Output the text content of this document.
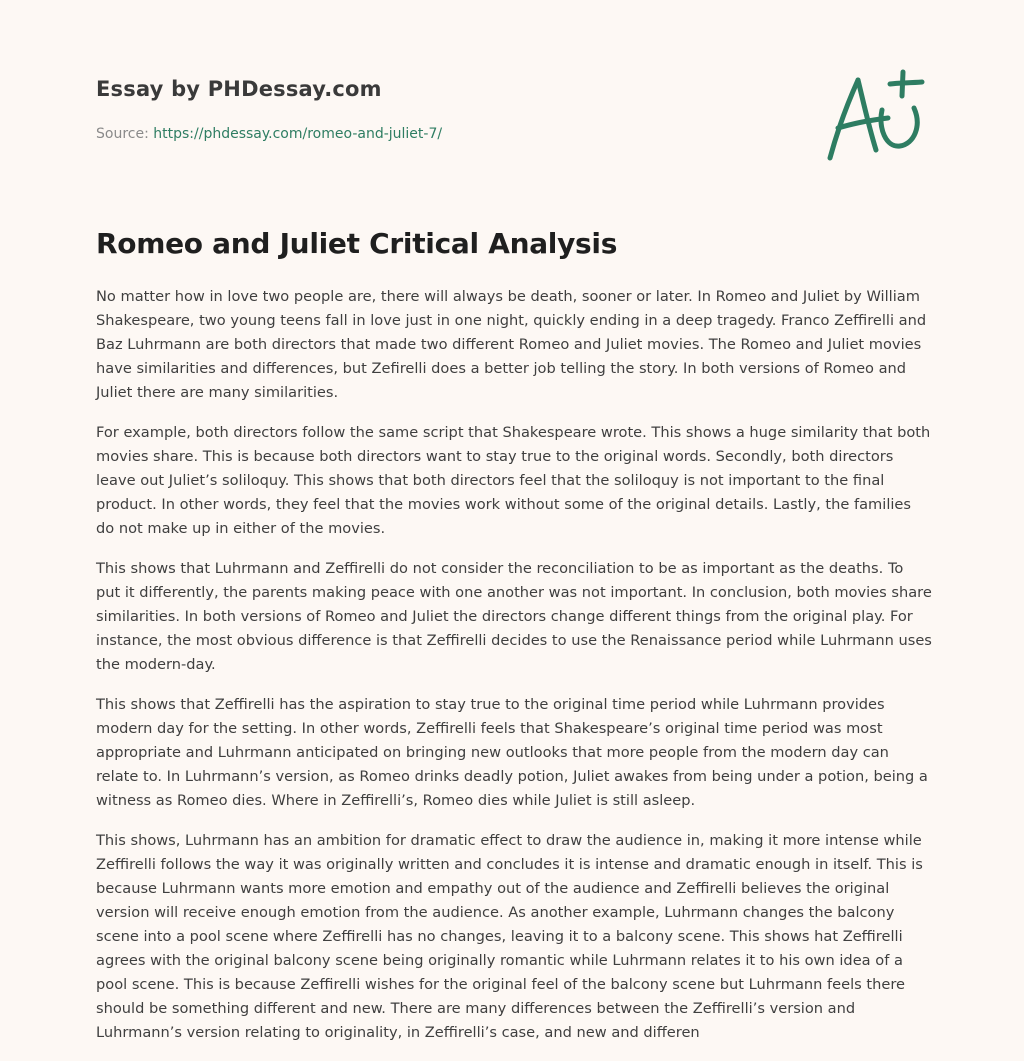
Essay by PHDessay.com
Source: https://phdessay.com/romeo-and-juliet-7/
Romeo and Juliet Critical Analysis

No matter how in love two people are, there will always be death, sooner or later. In Romeo and Juliet by William Shakespeare, two young teens fall in love just in one night, quickly ending in a deep tragedy. Franco Zeffirelli and Baz Luhrmann are both directors that made two different Romeo and Juliet movies. The Romeo and Juliet movies have similarities and differences, but Zefirelli does a better job telling the story. In both versions of Romeo and Juliet there are many similarities.

For example, both directors follow the same script that Shakespeare wrote. This shows a huge similarity that both movies share. This is because both directors want to stay true to the original words. Secondly, both directors leave out Juliet’s soliloquy. This shows that both directors feel that the soliloquy is not important to the final product. In other words, they feel that the movies work without some of the original details. Lastly, the families do not make up in either of the movies.

This shows that Luhrmann and Zeffirelli do not consider the reconciliation to be as important as the deaths. To put it differently, the parents making peace with one another was not important. In conclusion, both movies share similarities. In both versions of Romeo and Juliet the directors change different things from the original play. For instance, the most obvious difference is that Zeffirelli decides to use the Renaissance period while Luhrmann uses the modern-day.

This shows that Zeffirelli has the aspiration to stay true to the original time period while Luhrmann provides modern day for the setting. In other words, Zeffirelli feels that Shakespeare’s original time period was most appropriate and Luhrmann anticipated on bringing new outlooks that more people from the modern day can relate to. In Luhrmann’s version, as Romeo drinks deadly potion, Juliet awakes from being under a potion, being a witness as Romeo dies. Where in Zeffirelli’s, Romeo dies while Juliet is still asleep.

This shows, Luhrmann has an ambition for dramatic effect to draw the audience in, making it more intense while Zeffirelli follows the way it was originally written and concludes it is intense and dramatic enough in itself. This is because Luhrmann wants more emotion and empathy out of the audience and Zeffirelli believes the original version will receive enough emotion from the audience. As another example, Luhrmann changes the balcony scene into a pool scene where Zeffirelli has no changes, leaving it to a balcony scene. This shows hat Zeffirelli agrees with the original balcony scene being originally romantic while Luhrmann relates it to his own idea of a pool scene. This is because Zeffirelli wishes for the original feel of the balcony scene but Luhrmann feels there should be something different and new. There are many differences between the Zeffirelli’s version and Luhrmann’s version relating to originality, in Zeffirelli’s case, and new and differen
